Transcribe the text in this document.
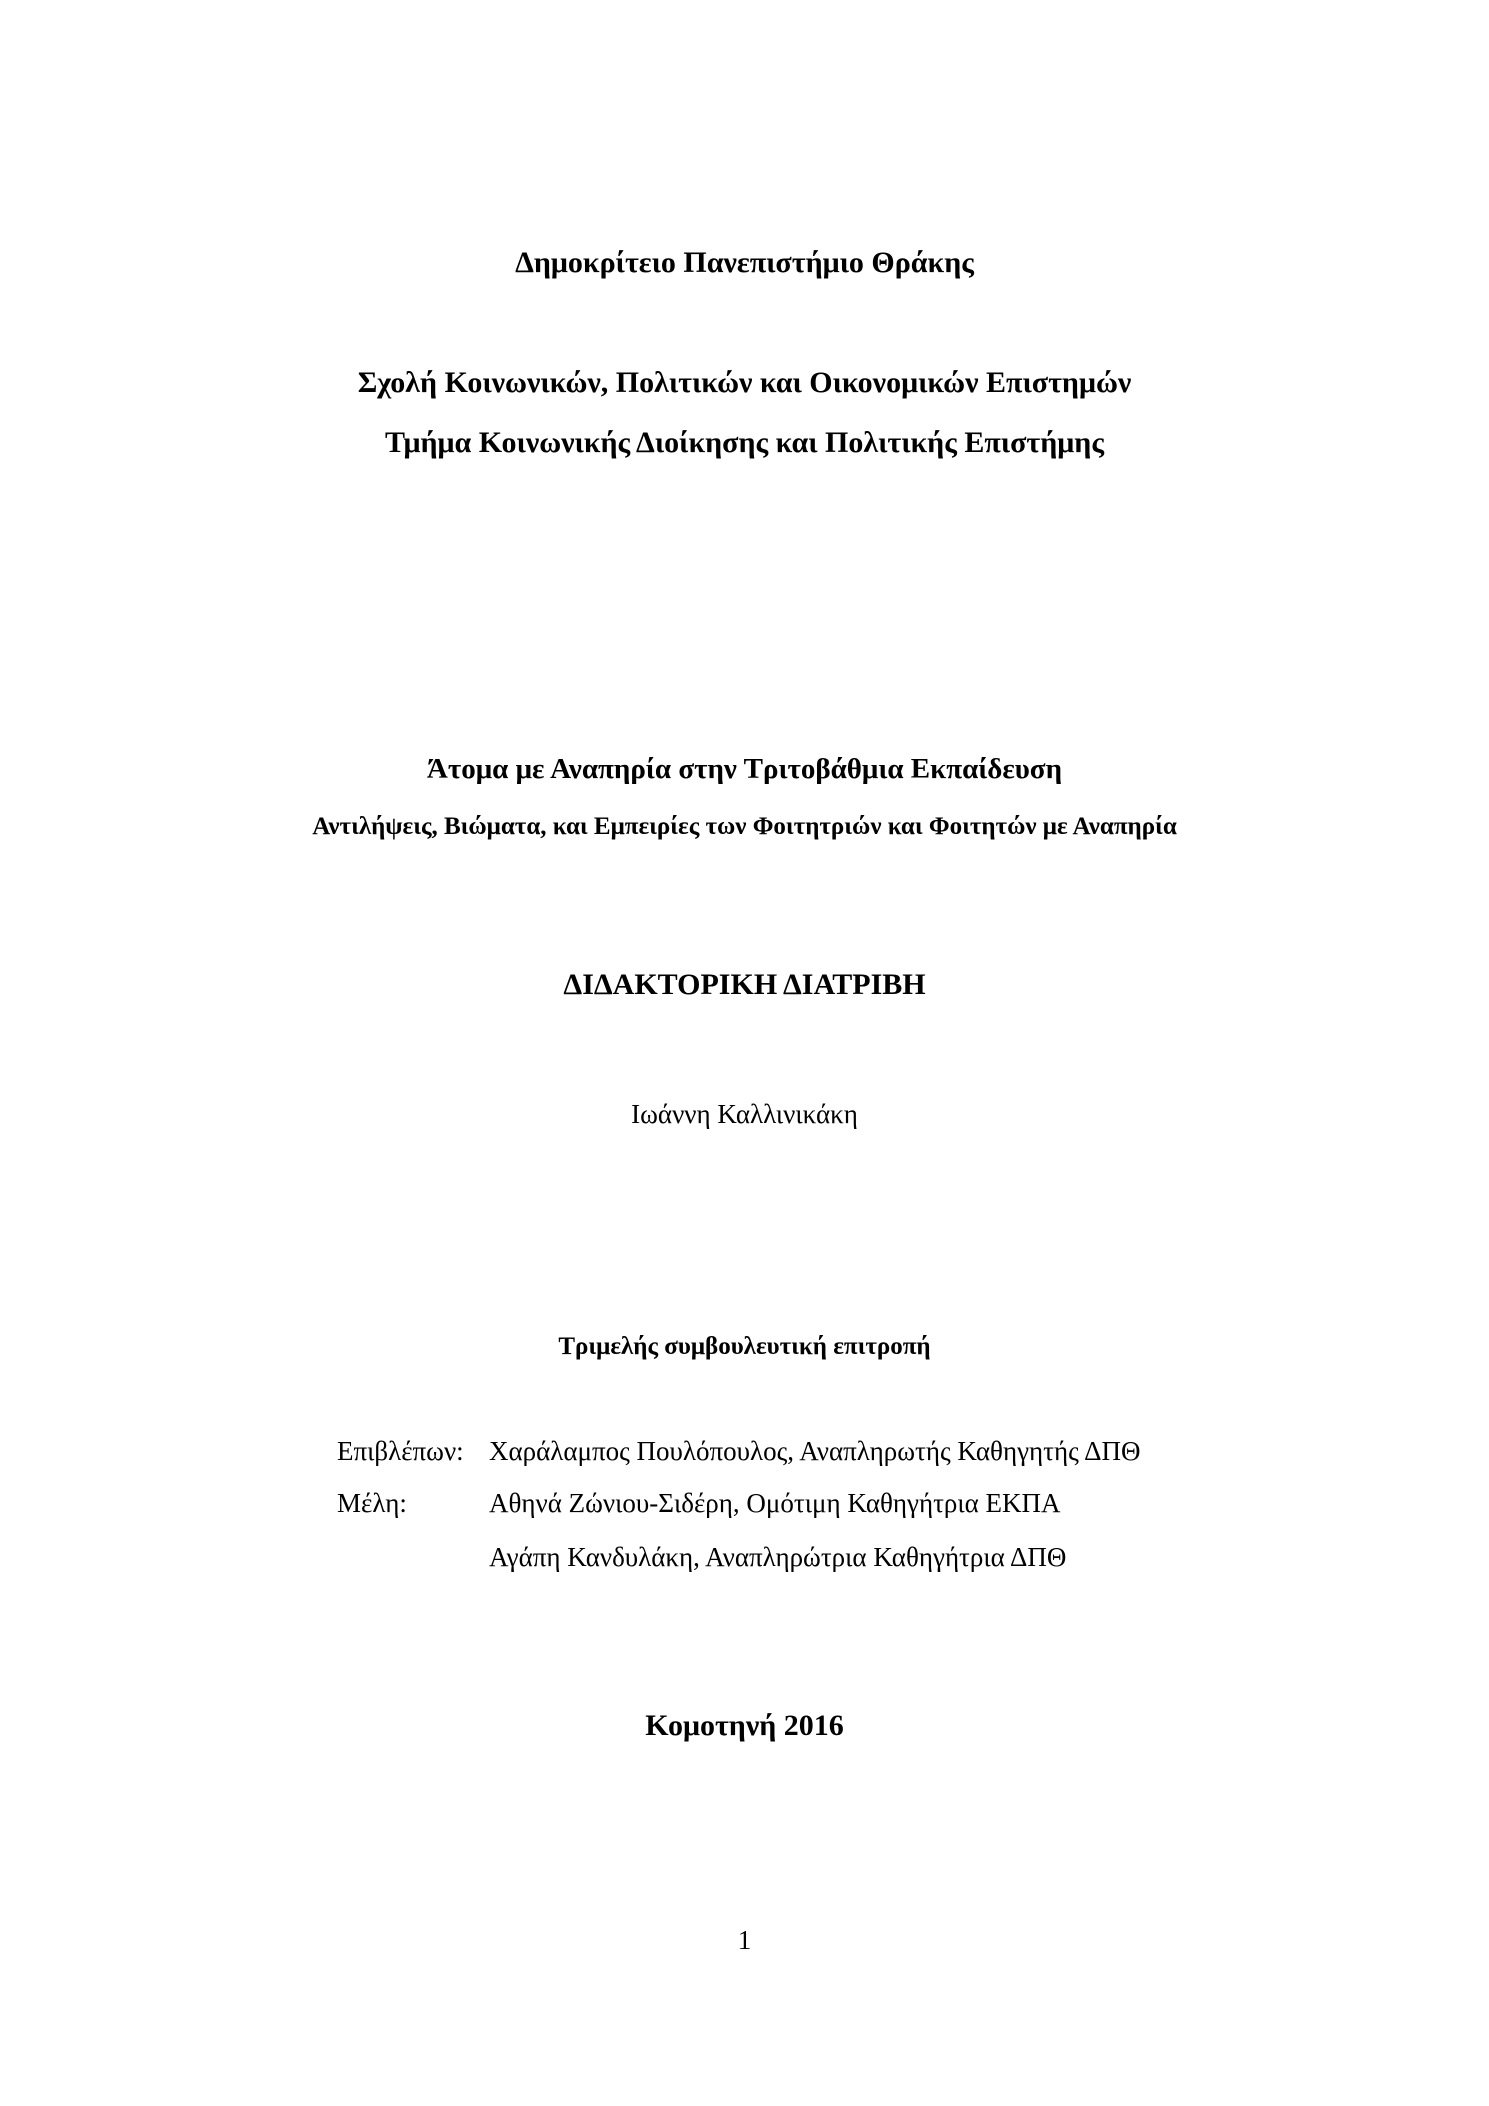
Δημοκρίτειο Πανεπιστήμιο Θράκης
Σχολή Κοινωνικών, Πολιτικών και Οικονομικών Επιστημών
Τμήμα Κοινωνικής Διοίκησης και Πολιτικής Επιστήμης
Άτομα με Αναπηρία στην Τριτοβάθμια Εκπαίδευση
Αντιλήψεις, Βιώματα, και Εμπειρίες των Φοιτητριών και Φοιτητών με Αναπηρία
ΔΙΔΑΚΤΟΡΙΚΗ ΔΙΑΤΡΙΒΗ
Ιωάννη Καλλινικάκη
Τριμελής συμβουλευτική επιτροπή
Επιβλέπων: Χαράλαμπος Πουλόπουλος, Αναπληρωτής Καθηγητής ΔΠΘ
Μέλη:	Αθηνά Ζώνιου-Σιδέρη, Ομότιμη Καθηγήτρια ΕΚΠΑ
Αγάπη Κανδυλάκη, Αναπληρώτρια Καθηγήτρια ΔΠΘ
Κομοτηνή 2016
1
